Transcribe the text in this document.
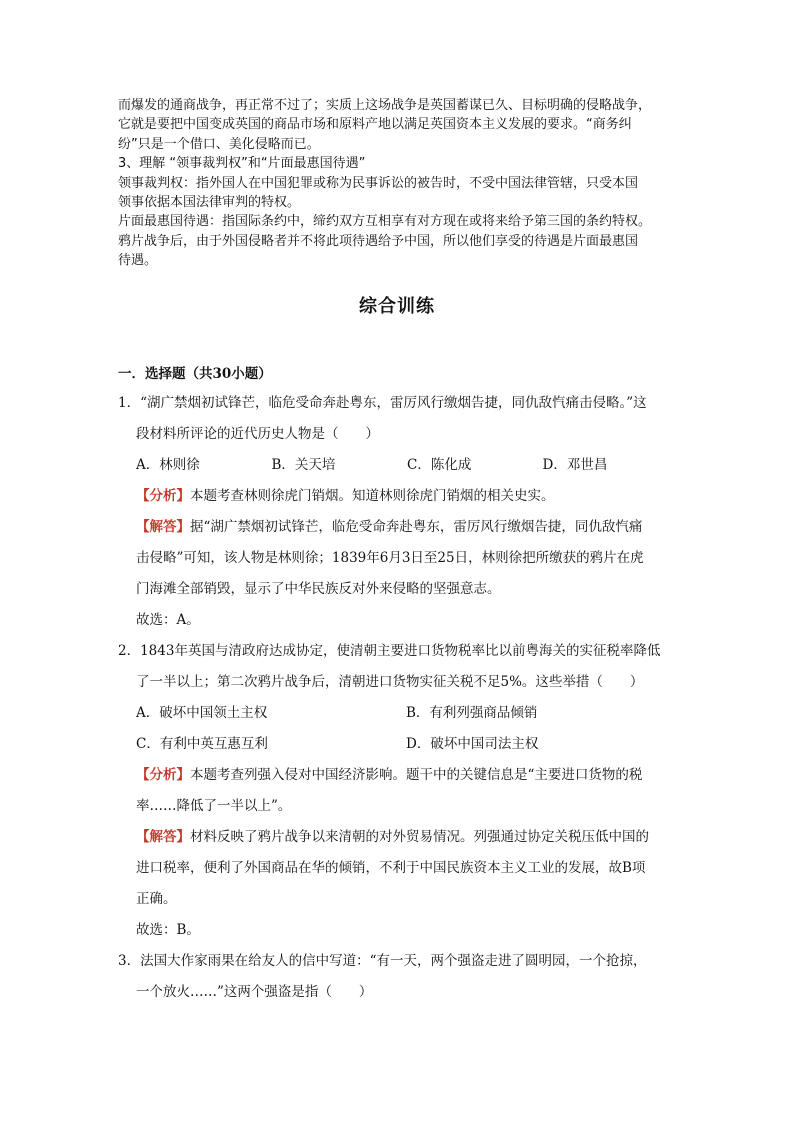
而爆发的通商战争，再正常不过了；实质上这场战争是英国蓄谋已久、目标明确的侵略战争，

它就是要把中国变成英国的商品市场和原料产地以满足英国资本主义发展的要求。“商务纠

纷”只是一个借口、美化侵略而已。

3、理解 “领事裁判权”和“片面最惠国待遇”

领事裁判权：指外国人在中国犯罪或称为民事诉讼的被告时，不受中国法律管辖，只受本国

领事依据本国法律审判的特权。

片面最惠国待遇：指国际条约中，缔约双方互相享有对方现在或将来给予第三国的条约特权。

鸦片战争后，由于外国侵略者并不将此项待遇给予中国，所以他们享受的待遇是片面最惠国

待遇。

综合训练
一．选择题（共30小题）
1．“湖广禁烟初试锋芒，临危受命奔赴粤东，雷厉风行缴烟告捷，同仇敌忾痛击侵略。”这
段材料所评论的近代历史人物是（　　）
A．林则徐	B．关天培	C．陈化成	D．邓世昌
【分析】本题考查林则徐虎门销烟。知道林则徐虎门销烟的相关史实。
【解答】据“湖广禁烟初试锋芒，临危受命奔赴粤东，雷厉风行缴烟告捷，同仇敌忾痛
击侵略”可知，该人物是林则徐；1839年6月3日至25日，林则徐把所缴获的鸦片在虎
门海滩全部销毁，显示了中华民族反对外来侵略的坚强意志。
故选：A。
2．1843年英国与清政府达成协定，使清朝主要进口货物税率比以前粤海关的实征税率降低
了一半以上；第二次鸦片战争后，清朝进口货物实征关税不足5%。这些举措（　　）
A．破坏中国领土主权	B．有利列强商品倾销
C．有利中英互惠互利	D．破坏中国司法主权
【分析】本题考查列强入侵对中国经济影响。题干中的关键信息是“主要进口货物的税
率……降低了一半以上”。
【解答】材料反映了鸦片战争以来清朝的对外贸易情况。列强通过协定关税压低中国的
进口税率，便利了外国商品在华的倾销，不利于中国民族资本主义工业的发展，故B项
正确。
故选：B。
3．法国大作家雨果在给友人的信中写道：“有一天，两个强盗走进了圆明园，一个抢掠，
一个放火……”这两个强盗是指（　　）
